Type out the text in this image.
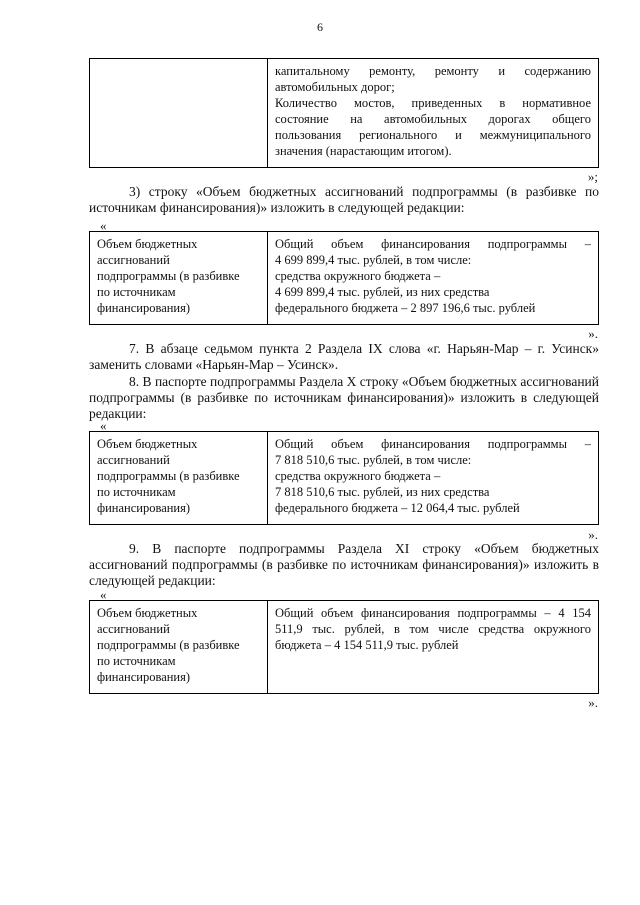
6
капитальному ремонту, ремонту и содержанию
автомобильных дорог;
Количество мостов, приведенных в нормативное
состояние на автомобильных дорогах общего
пользования регионального и межмуниципального
значения (нарастающим итогом).
»;
3) строку «Объем бюджетных ассигнований подпрограммы (в разбивке по источникам финансирования)» изложить в следующей редакции:
«
Объем бюджетных
ассигнований
подпрограммы (в разбивке
по источникам
финансирования)
Общий объем финансирования подпрограммы –
4 699 899,4 тыс. рублей, в том числе:
средства окружного бюджета –
4 699 899,4 тыс. рублей, из них средства
федерального бюджета – 2 897 196,6 тыс. рублей
».
7. В абзаце седьмом пункта 2 Раздела IX слова «г. Нарьян-Мар – г. Усинск» заменить словами «Нарьян-Мар – Усинск».
8. В паспорте подпрограммы Раздела X строку «Объем бюджетных ассигнований подпрограммы (в разбивке по источникам финансирования)» изложить в следующей редакции:
«
Объем бюджетных
ассигнований
подпрограммы (в разбивке
по источникам
финансирования)
Общий объем финансирования подпрограммы –
7 818 510,6 тыс. рублей, в том числе:
средства окружного бюджета –
7 818 510,6 тыс. рублей, из них средства
федерального бюджета – 12 064,4 тыс. рублей
».
9. В паспорте подпрограммы Раздела XI строку «Объем бюджетных ассигнований подпрограммы (в разбивке по источникам финансирования)» изложить в следующей редакции:
«
Объем бюджетных
ассигнований
подпрограммы (в разбивке
по источникам
финансирования)
Общий объем финансирования подпрограммы – 4 154 511,9 тыс. рублей, в том числе средства окружного бюджета – 4 154 511,9 тыс. рублей
».
